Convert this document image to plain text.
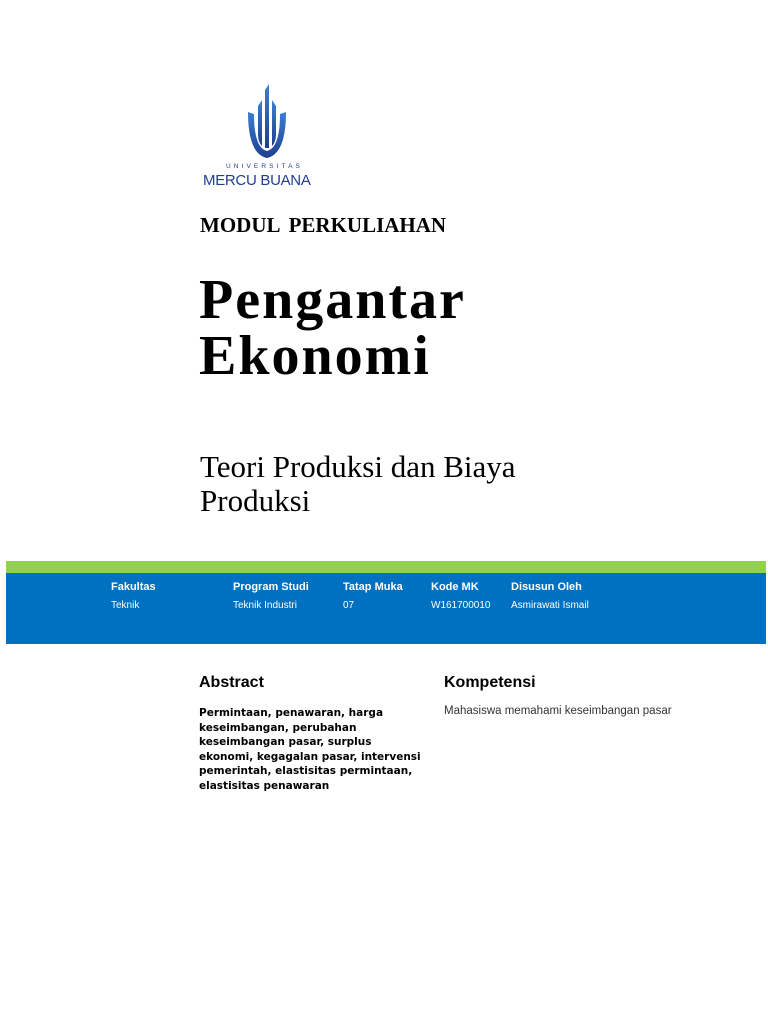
UNIVERSITAS
MERCU BUANA
MODUL PERKULIAHAN
Pengantar
Ekonomi

Teori Produksi dan Biaya Produksi

Fakultas
Teknik
Program Studi
Teknik Industri
Tatap Muka
07
Kode MK
W161700010
Disusun Oleh
Asmirawati Ismail
Abstract

Permintaan, penawaran, harga keseimbangan, perubahan keseimbangan pasar, surplus ekonomi, kegagalan pasar, intervensi pemerintah, elastisitas permintaan, elastisitas penawaran

Kompetensi

Mahasiswa memahami keseimbangan pasar
